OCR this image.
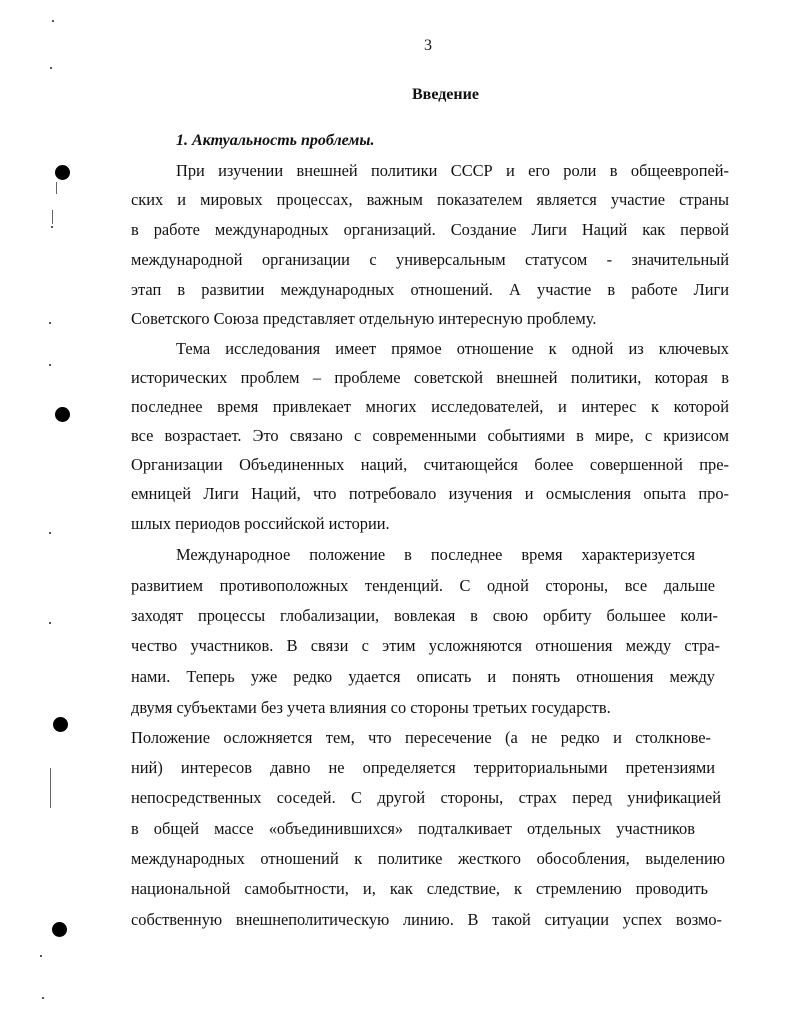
3
Введение
1. Актуальность проблемы.
При изучении внешней политики СССР и его роли в общеевропей-
ских и мировых процессах, важным показателем является участие страны
в работе международных организаций. Создание Лиги Наций как первой
международной организации с универсальным статусом - значительный
этап в развитии международных отношений. А участие в работе Лиги
Советского Союза представляет отдельную интересную проблему.
Тема исследования имеет прямое отношение к одной из ключевых
исторических проблем – проблеме советской внешней политики, которая в
последнее время привлекает многих исследователей, и интерес к которой
все возрастает. Это связано с современными событиями в мире, с кризисом
Организации Объединенных наций, считающейся более совершенной пре-
емницей Лиги Наций, что потребовало изучения и осмысления опыта про-
шлых периодов российской истории.
Международное положение в последнее время характеризуется
развитием противоположных тенденций. С одной стороны, все дальше
заходят процессы глобализации, вовлекая в свою орбиту большее коли-
чество участников. В связи с этим усложняются отношения между стра-
нами. Теперь уже редко удается описать и понять отношения между
двумя субъектами без учета влияния со стороны третьих государств.
Положение осложняется тем, что пересечение (а не редко и столкнове-
ний) интересов давно не определяется территориальными претензиями
непосредственных соседей. С другой стороны, страх перед унификацией
в общей массе «объединившихся» подталкивает отдельных участников
международных отношений к политике жесткого обособления, выделению
национальной самобытности, и, как следствие, к стремлению проводить
собственную внешнеполитическую линию. В такой ситуации успех возмо-
